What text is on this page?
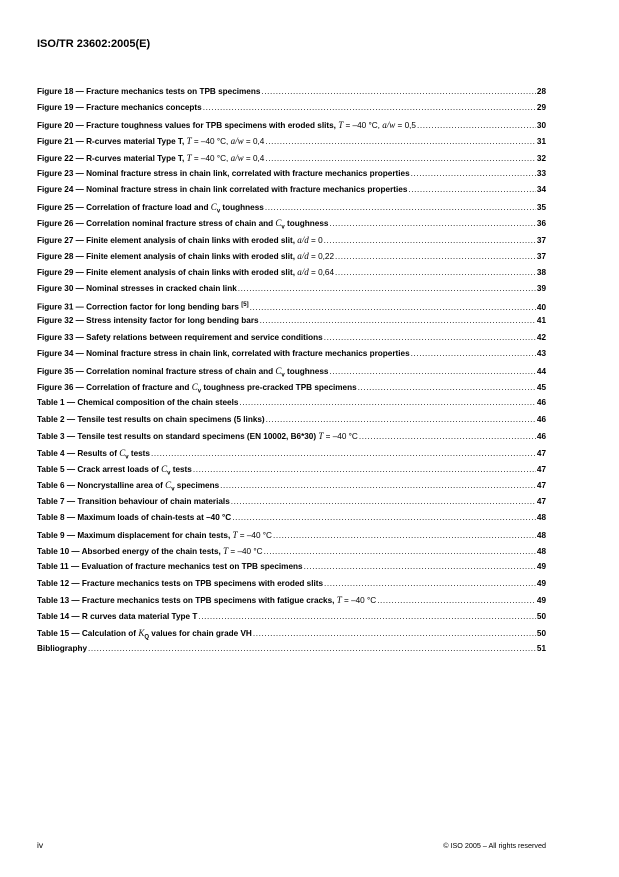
ISO/TR 23602:2005(E)
Figure 18 — Fracture mechanics tests on TPB specimens .....	28
Figure 19 — Fracture mechanics concepts .....	29
Figure 20 — Fracture toughness values for TPB specimens with eroded slits, T = –40 °C, a/w = 0,5 .....	30
Figure 21 — R-curves material Type T, T = –40 °C, a/w = 0,4 .....	31
Figure 22 — R-curves material Type T, T = –40 °C, a/w = 0,4 .....	32
Figure 23 — Nominal fracture stress in chain link, correlated with fracture mechanics properties .....	33
Figure 24 — Nominal fracture stress in chain link correlated with fracture mechanics properties .....	34
Figure 25 — Correlation of fracture load and $C_v$ toughness .....	35
Figure 26 — Correlation nominal fracture stress of chain and $C_v$ toughness .....	36
Figure 27 — Finite element analysis of chain links with eroded slit, a/d = 0 .....	37
Figure 28 — Finite element analysis of chain links with eroded slit, a/d = 0,22 .....	37
Figure 29 — Finite element analysis of chain links with eroded slit, a/d = 0,64 .....	38
Figure 30 — Nominal stresses in cracked chain link .....	39
Figure 31 — Correction factor for long bending bars [5] .....	40
Figure 32 — Stress intensity factor for long bending bars .....	41
Figure 33 — Safety relations between requirement and service conditions .....	42
Figure 34 — Nominal fracture stress in chain link, correlated with fracture mechanics properties .....	43
Figure 35 — Correlation nominal fracture stress of chain and $C_v$ toughness .....	44
Figure 36 — Correlation of fracture and $C_v$ toughness pre-cracked TPB specimens .....	45
Table 1 — Chemical composition of the chain steels .....	46
Table 2 — Tensile test results on chain specimens (5 links) .....	46
Table 3 — Tensile test results on standard specimens (EN 10002, B6*30) T = –40 °C .....	46
Table 4 — Results of $C_v$ tests .....	47
Table 5 — Crack arrest loads of $C_v$ tests .....	47
Table 6 — Noncrystalline area of $C_v$ specimens .....	47
Table 7 — Transition behaviour of chain materials .....	47
Table 8 — Maximum loads of chain-tests at –40 °C .....	48
Table 9 — Maximum displacement for chain tests, T = –40 °C .....	48
Table 10 — Absorbed energy of the chain tests, T = –40 °C .....	48
Table 11 — Evaluation of fracture mechanics test on TPB specimens .....	49
Table 12 — Fracture mechanics tests on TPB specimens with eroded slits .....	49
Table 13 — Fracture mechanics tests on TPB specimens with fatigue cracks, T = –40 °C .....	49
Table 14 — R curves data material Type T .....	50
Table 15 — Calculation of $K_Q$ values for chain grade VH .....	50
Bibliography .....	51
iv	© ISO 2005 – All rights reserved
